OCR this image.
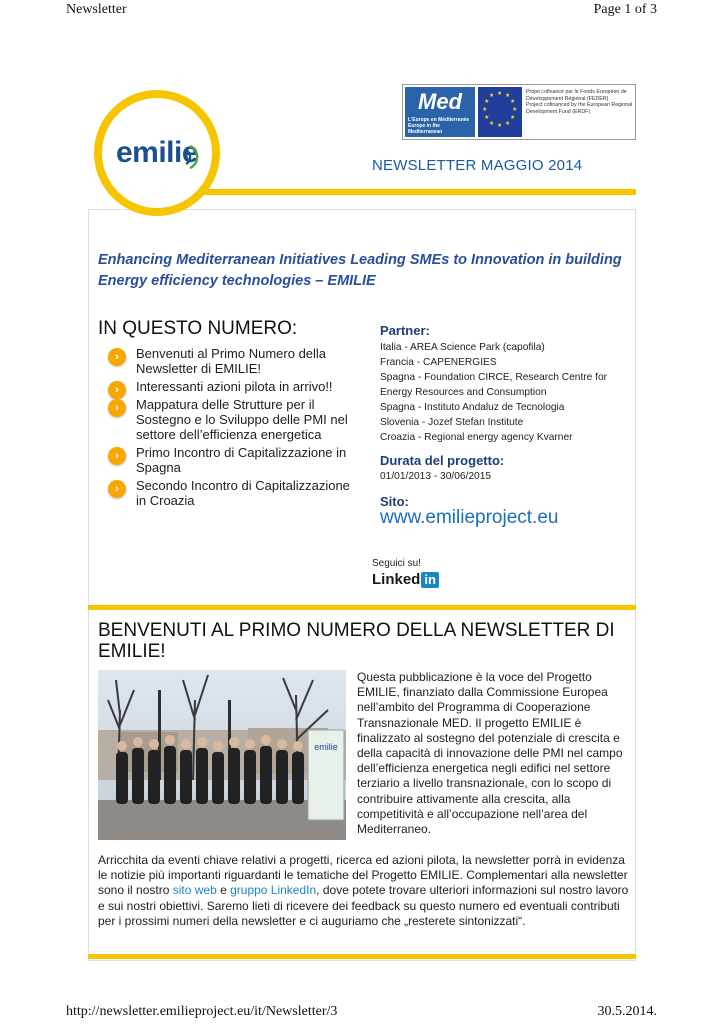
Newsletter	Page 1 of 3
emilie
Med
L'Europe en Méditerranée
Europe in the Mediterranean
★ ★
★
★
★
★
★
★
★
★
★
★
Projet cofinancé par le Fonds Européen de Développement Régional (FEDER)
Project cofinanced by the European Regional Development Fund (ERDF)
NEWSLETTER MAGGIO 2014
Enhancing Mediterranean Initiatives Leading SMEs to Innovation in building Energy efficiency technologies – EMILIE
IN QUESTO NUMERO:
›	Benvenuti al Primo Numero della Newsletter di EMILIE!
›	Interessanti azioni pilota in arrivo!!
›	Mappatura delle Strutture per il Sostegno e lo Sviluppo delle PMI nel settore dell’efficienza energetica
›	Primo Incontro di Capitalizzazione in Spagna
›	Secondo Incontro di Capitalizzazione in Croazia
Partner:
Italia - AREA Science Park (capofila)
Francia - CAPENERGIES
Spagna - Foundation CIRCE, Research Centre for
Energy Resources and Consumption
Spagna - Instituto Andaluz de Tecnologia
Slovenia - Jozef Stefan Institute
Croazia - Regional energy agency Kvarner
Durata del progetto:
01/01/2013 - 30/06/2015
Sito:
www.emilieproject.eu
Seguici su!
Linked in
BENVENUTI AL PRIMO NUMERO DELLA NEWSLETTER DI EMILIE!
emilie
Questa pubblicazione è la voce del Progetto EMILIE, finanziato dalla Commissione Europea nell’ambito del Programma di Cooperazione Transnazionale MED. Il progetto EMILIE è finalizzato al sostegno del potenziale di crescita e della capacità di innovazione delle PMI nel campo dell’efficienza energetica negli edifici nel settore terziario a livello transnazionale, con lo scopo di contribuire attivamente alla crescita, alla competitività e all’occupazione nell’area del Mediterraneo.
Arricchita da eventi chiave relativi a progetti, ricerca ed azioni pilota, la newsletter porrà in evidenza le notizie più importanti riguardanti le tematiche del Progetto EMILIE. Complementari alla newsletter sono il nostro sito web e gruppo LinkedIn, dove potete trovare ulteriori informazioni sul nostro lavoro e sui nostri obiettivi. Saremo lieti di ricevere dei feedback su questo numero ed eventuali contributi per i prossimi numeri della newsletter e ci auguriamo che „resterete sintonizzati“.
http://newsletter.emilieproject.eu/it/Newsletter/3	30.5.2014.
